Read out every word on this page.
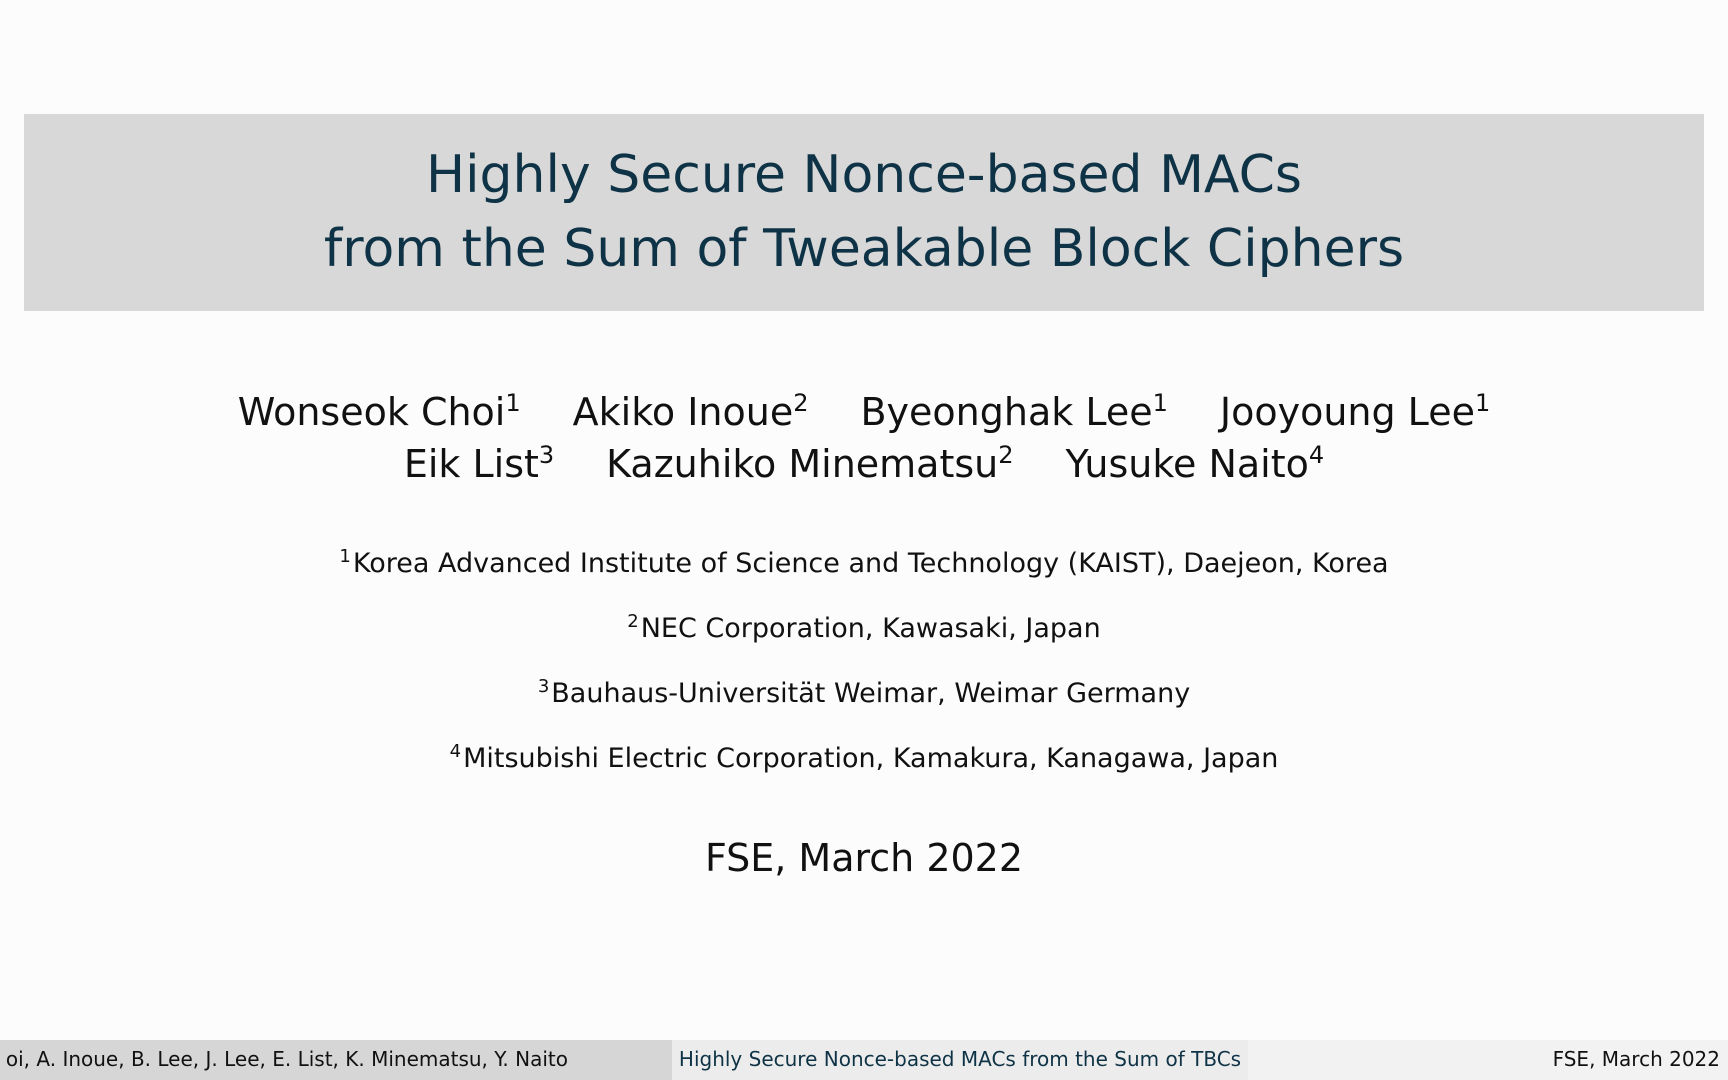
Highly Secure Nonce-based MACs
from the Sum of Tweakable Block Ciphers
Wonseok Choi$^1$ Akiko Inoue$^2$ Byeonghak Lee$^1$ Jooyoung Lee$^1$
Eik List$^3$ Kazuhiko Minematsu$^2$ Yusuke Naito$^4$
$^1$Korea Advanced Institute of Science and Technology (KAIST), Daejeon, Korea
$^2$NEC Corporation, Kawasaki, Japan
$^3$Bauhaus-Universität Weimar, Weimar Germany
$^4$Mitsubishi Electric Corporation, Kamakura, Kanagawa, Japan
FSE, March 2022
oi, A. Inoue, B. Lee, J. Lee, E. List, K. Minematsu, Y. Naito	Highly Secure Nonce-based MACs from the Sum of TBCs	FSE, March 2022
